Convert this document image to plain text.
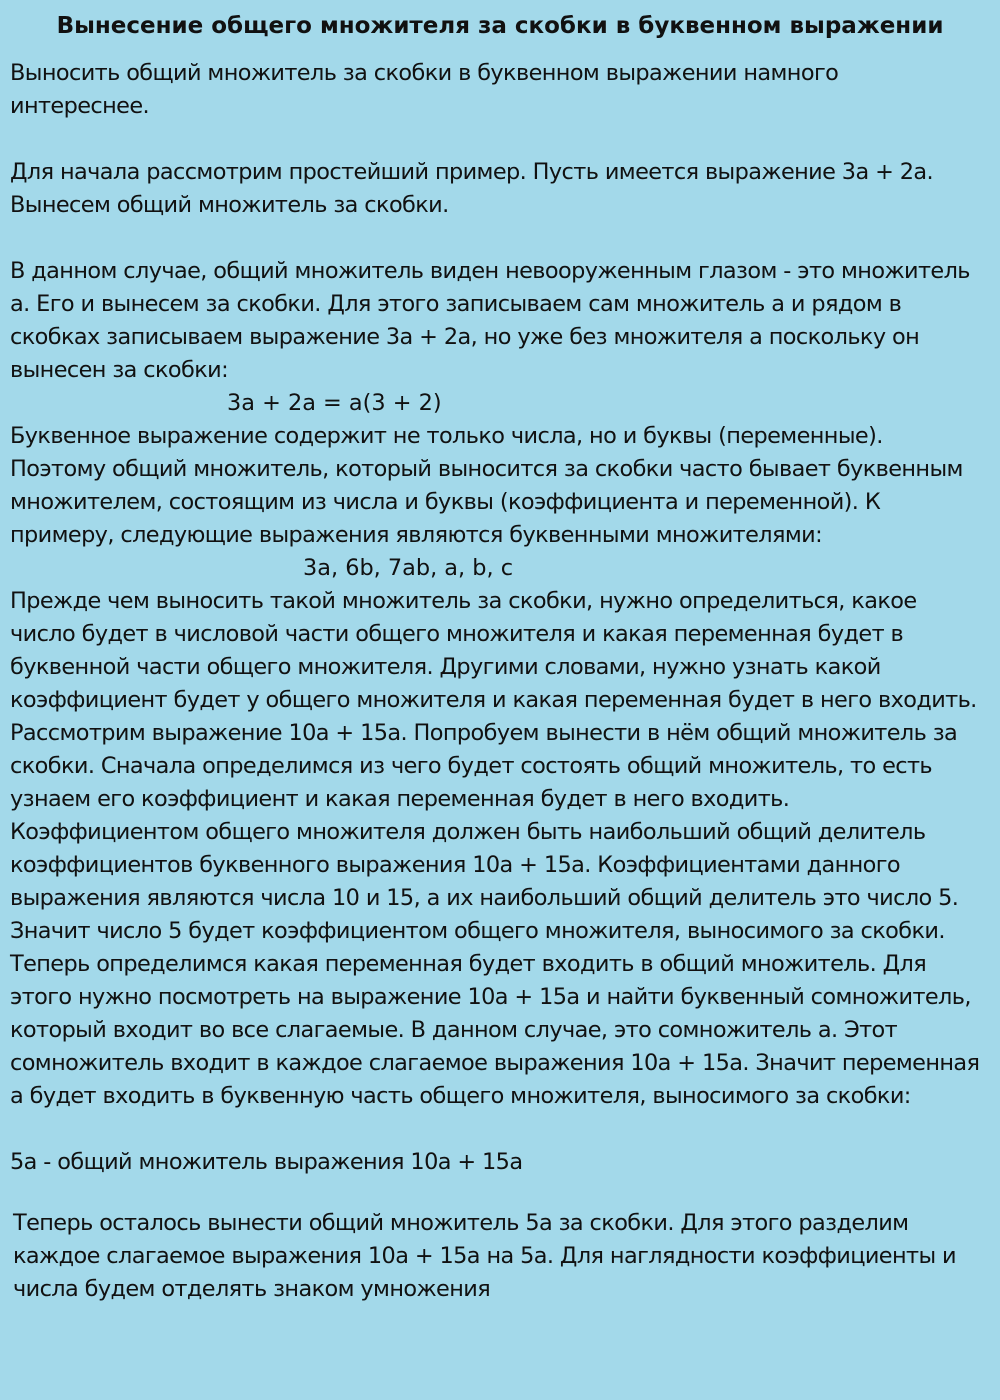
Вынесение общего множителя за скобки в буквенном выражении
Выносить общий множитель за скобки в буквенном выражении намного
интереснее.
Для начала рассмотрим простейший пример. Пусть имеется выражение 3a + 2a.
Вынесем общий множитель за скобки.
В данном случае, общий множитель виден невооруженным глазом - это множитель
a. Его и вынесем за скобки. Для этого записываем сам множитель a и рядом в
скобках записываем выражение 3a + 2a, но уже без множителя a поскольку он
вынесен за скобки:
3a + 2a = a(3 + 2)
Буквенное выражение содержит не только числа, но и буквы (переменные).
Поэтому общий множитель, который выносится за скобки часто бывает буквенным
множителем, состоящим из числа и буквы (коэффициента и переменной). К
примеру, следующие выражения являются буквенными множителями:
3a, 6b, 7ab, a, b, c
Прежде чем выносить такой множитель за скобки, нужно определиться, какое
число будет в числовой части общего множителя и какая переменная будет в
буквенной части общего множителя. Другими словами, нужно узнать какой
коэффициент будет у общего множителя и какая переменная будет в него входить.
Рассмотрим выражение 10a + 15a. Попробуем вынести в нём общий множитель за
скобки. Сначала определимся из чего будет состоять общий множитель, то есть
узнаем его коэффициент и какая переменная будет в него входить.
Коэффициентом общего множителя должен быть наибольший общий делитель
коэффициентов буквенного выражения 10a + 15a. Коэффициентами данного
выражения являются числа 10 и 15, а их наибольший общий делитель это число 5.
Значит число 5 будет коэффициентом общего множителя, выносимого за скобки.
Теперь определимся какая переменная будет входить в общий множитель. Для
этого нужно посмотреть на выражение 10a + 15a и найти буквенный сомножитель,
который входит во все слагаемые. В данном случае, это сомножитель a. Этот
сомножитель входит в каждое слагаемое выражения 10a + 15a. Значит переменная
a будет входить в буквенную часть общего множителя, выносимого за скобки:
5a - общий множитель выражения 10a + 15a
Теперь осталось вынести общий множитель 5a за скобки. Для этого разделим
каждое слагаемое выражения 10a + 15a на 5a. Для наглядности коэффициенты и
числа будем отделять знаком умножения
